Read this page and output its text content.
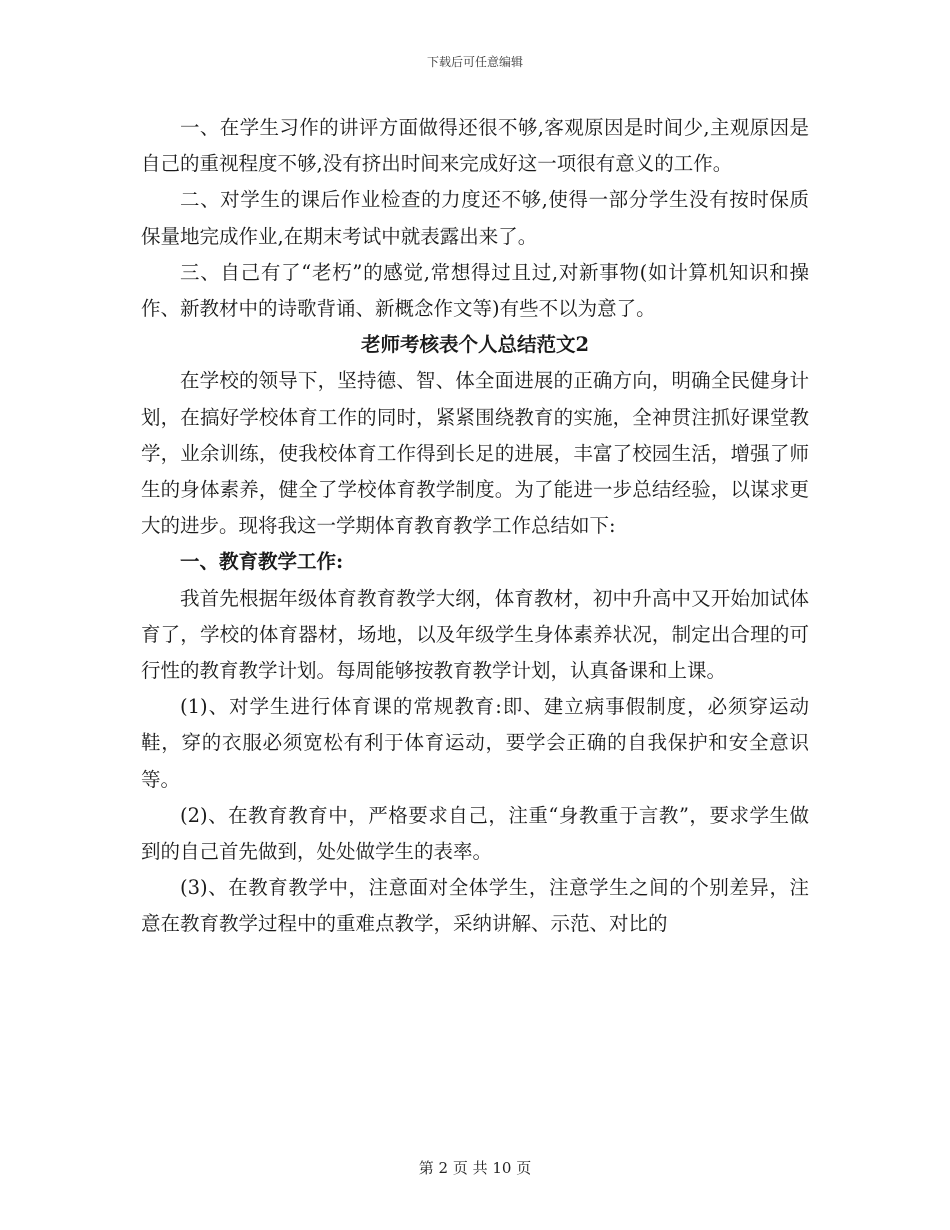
下载后可任意编辑

一、在学生习作的讲评方面做得还很不够,客观原因是时间少,主观原因是自己的重视程度不够,没有挤出时间来完成好这一项很有意义的工作。

二、对学生的课后作业检查的力度还不够,使得一部分学生没有按时保质保量地完成作业,在期末考试中就表露出来了。

三、自己有了“老朽”的感觉,常想得过且过,对新事物(如计算机知识和操作、新教材中的诗歌背诵、新概念作文等)有些不以为意了。

老师考核表个人总结范文2

在学校的领导下，坚持德、智、体全面进展的正确方向，明确全民健身计划，在搞好学校体育工作的同时，紧紧围绕教育的实施，全神贯注抓好课堂教学，业余训练，使我校体育工作得到长足的进展，丰富了校园生活，增强了师生的身体素养，健全了学校体育教学制度。为了能进一步总结经验，以谋求更大的进步。现将我这一学期体育教育教学工作总结如下:

一、教育教学工作:

我首先根据年级体育教育教学大纲，体育教材，初中升高中又开始加试体育了，学校的体育器材，场地，以及年级学生身体素养状况，制定出合理的可行性的教育教学计划。每周能够按教育教学计划，认真备课和上课。

(1)、对学生进行体育课的常规教育:即、建立病事假制度，必须穿运动鞋，穿的衣服必须宽松有利于体育运动，要学会正确的自我保护和安全意识等。

(2)、在教育教育中，严格要求自己，注重“身教重于言教”，要求学生做到的自己首先做到，处处做学生的表率。

(3)、在教育教学中，注意面对全体学生，注意学生之间的个别差异，注意在教育教学过程中的重难点教学，采纳讲解、示范、对比的

第 2 页 共 10 页
